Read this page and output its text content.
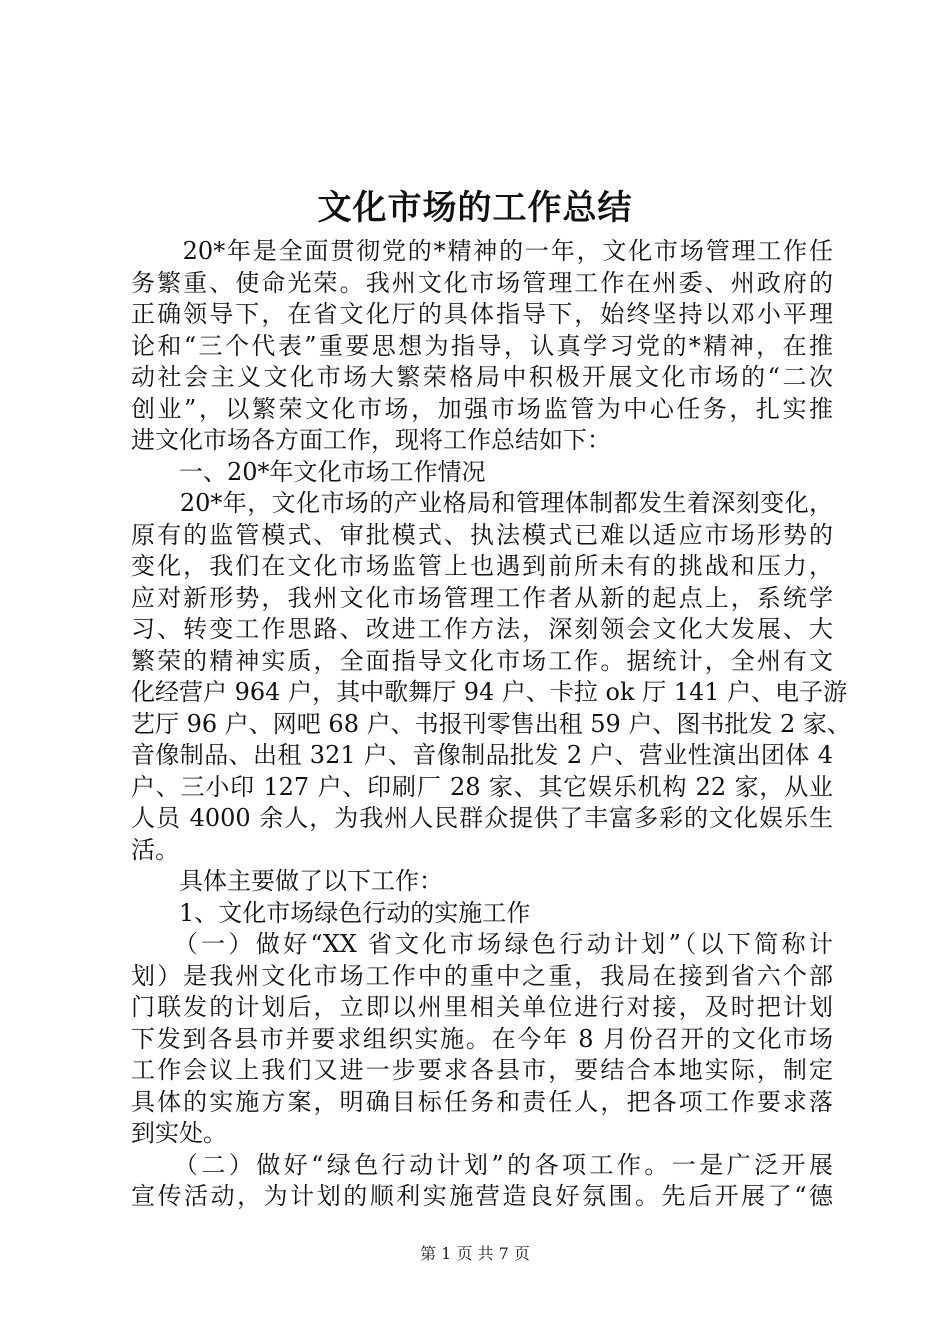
文化市场的工作总结
　　20*年是全面贯彻党的*精神的一年，文化市场管理工作任
务繁重、使命光荣。我州文化市场管理工作在州委、州政府的
正确领导下，在省文化厅的具体指导下，始终坚持以邓小平理
论和“三个代表”重要思想为指导，认真学习党的*精神，在推
动社会主义文化市场大繁荣格局中积极开展文化市场的“二次
创业”，以繁荣文化市场，加强市场监管为中心任务，扎实推
进文化市场各方面工作，现将工作总结如下：
　　一、20*年文化市场工作情况
　　20*年，文化市场的产业格局和管理体制都发生着深刻变化，
原有的监管模式、审批模式、执法模式已难以适应市场形势的
变化，我们在文化市场监管上也遇到前所未有的挑战和压力，
应对新形势，我州文化市场管理工作者从新的起点上，系统学
习、转变工作思路、改进工作方法，深刻领会文化大发展、大
繁荣的精神实质，全面指导文化市场工作。据统计，全州有文
化经营户 964 户，其中歌舞厅 94 户、卡拉 ok 厅 141 户、电子游
艺厅 96 户、网吧 68 户、书报刊零售出租 59 户、图书批发 2 家、
音像制品、出租 321 户、音像制品批发 2 户、营业性演出团体 4
户、三小印 127 户、印刷厂 28 家、其它娱乐机构 22 家，从业
人员 4000 余人，为我州人民群众提供了丰富多彩的文化娱乐生
活。
　　具体主要做了以下工作：
　　1、文化市场绿色行动的实施工作
　　（一）做好“XX 省文化市场绿色行动计划”（以下简称计
划）是我州文化市场工作中的重中之重，我局在接到省六个部
门联发的计划后，立即以州里相关单位进行对接，及时把计划
下发到各县市并要求组织实施。在今年 8 月份召开的文化市场
工作会议上我们又进一步要求各县市，要结合本地实际，制定
具体的实施方案，明确目标任务和责任人，把各项工作要求落
到实处。
　　（二）做好“绿色行动计划”的各项工作。一是广泛开展
宣传活动，为计划的顺利实施营造良好氛围。先后开展了“德
第 1 页 共 7 页
